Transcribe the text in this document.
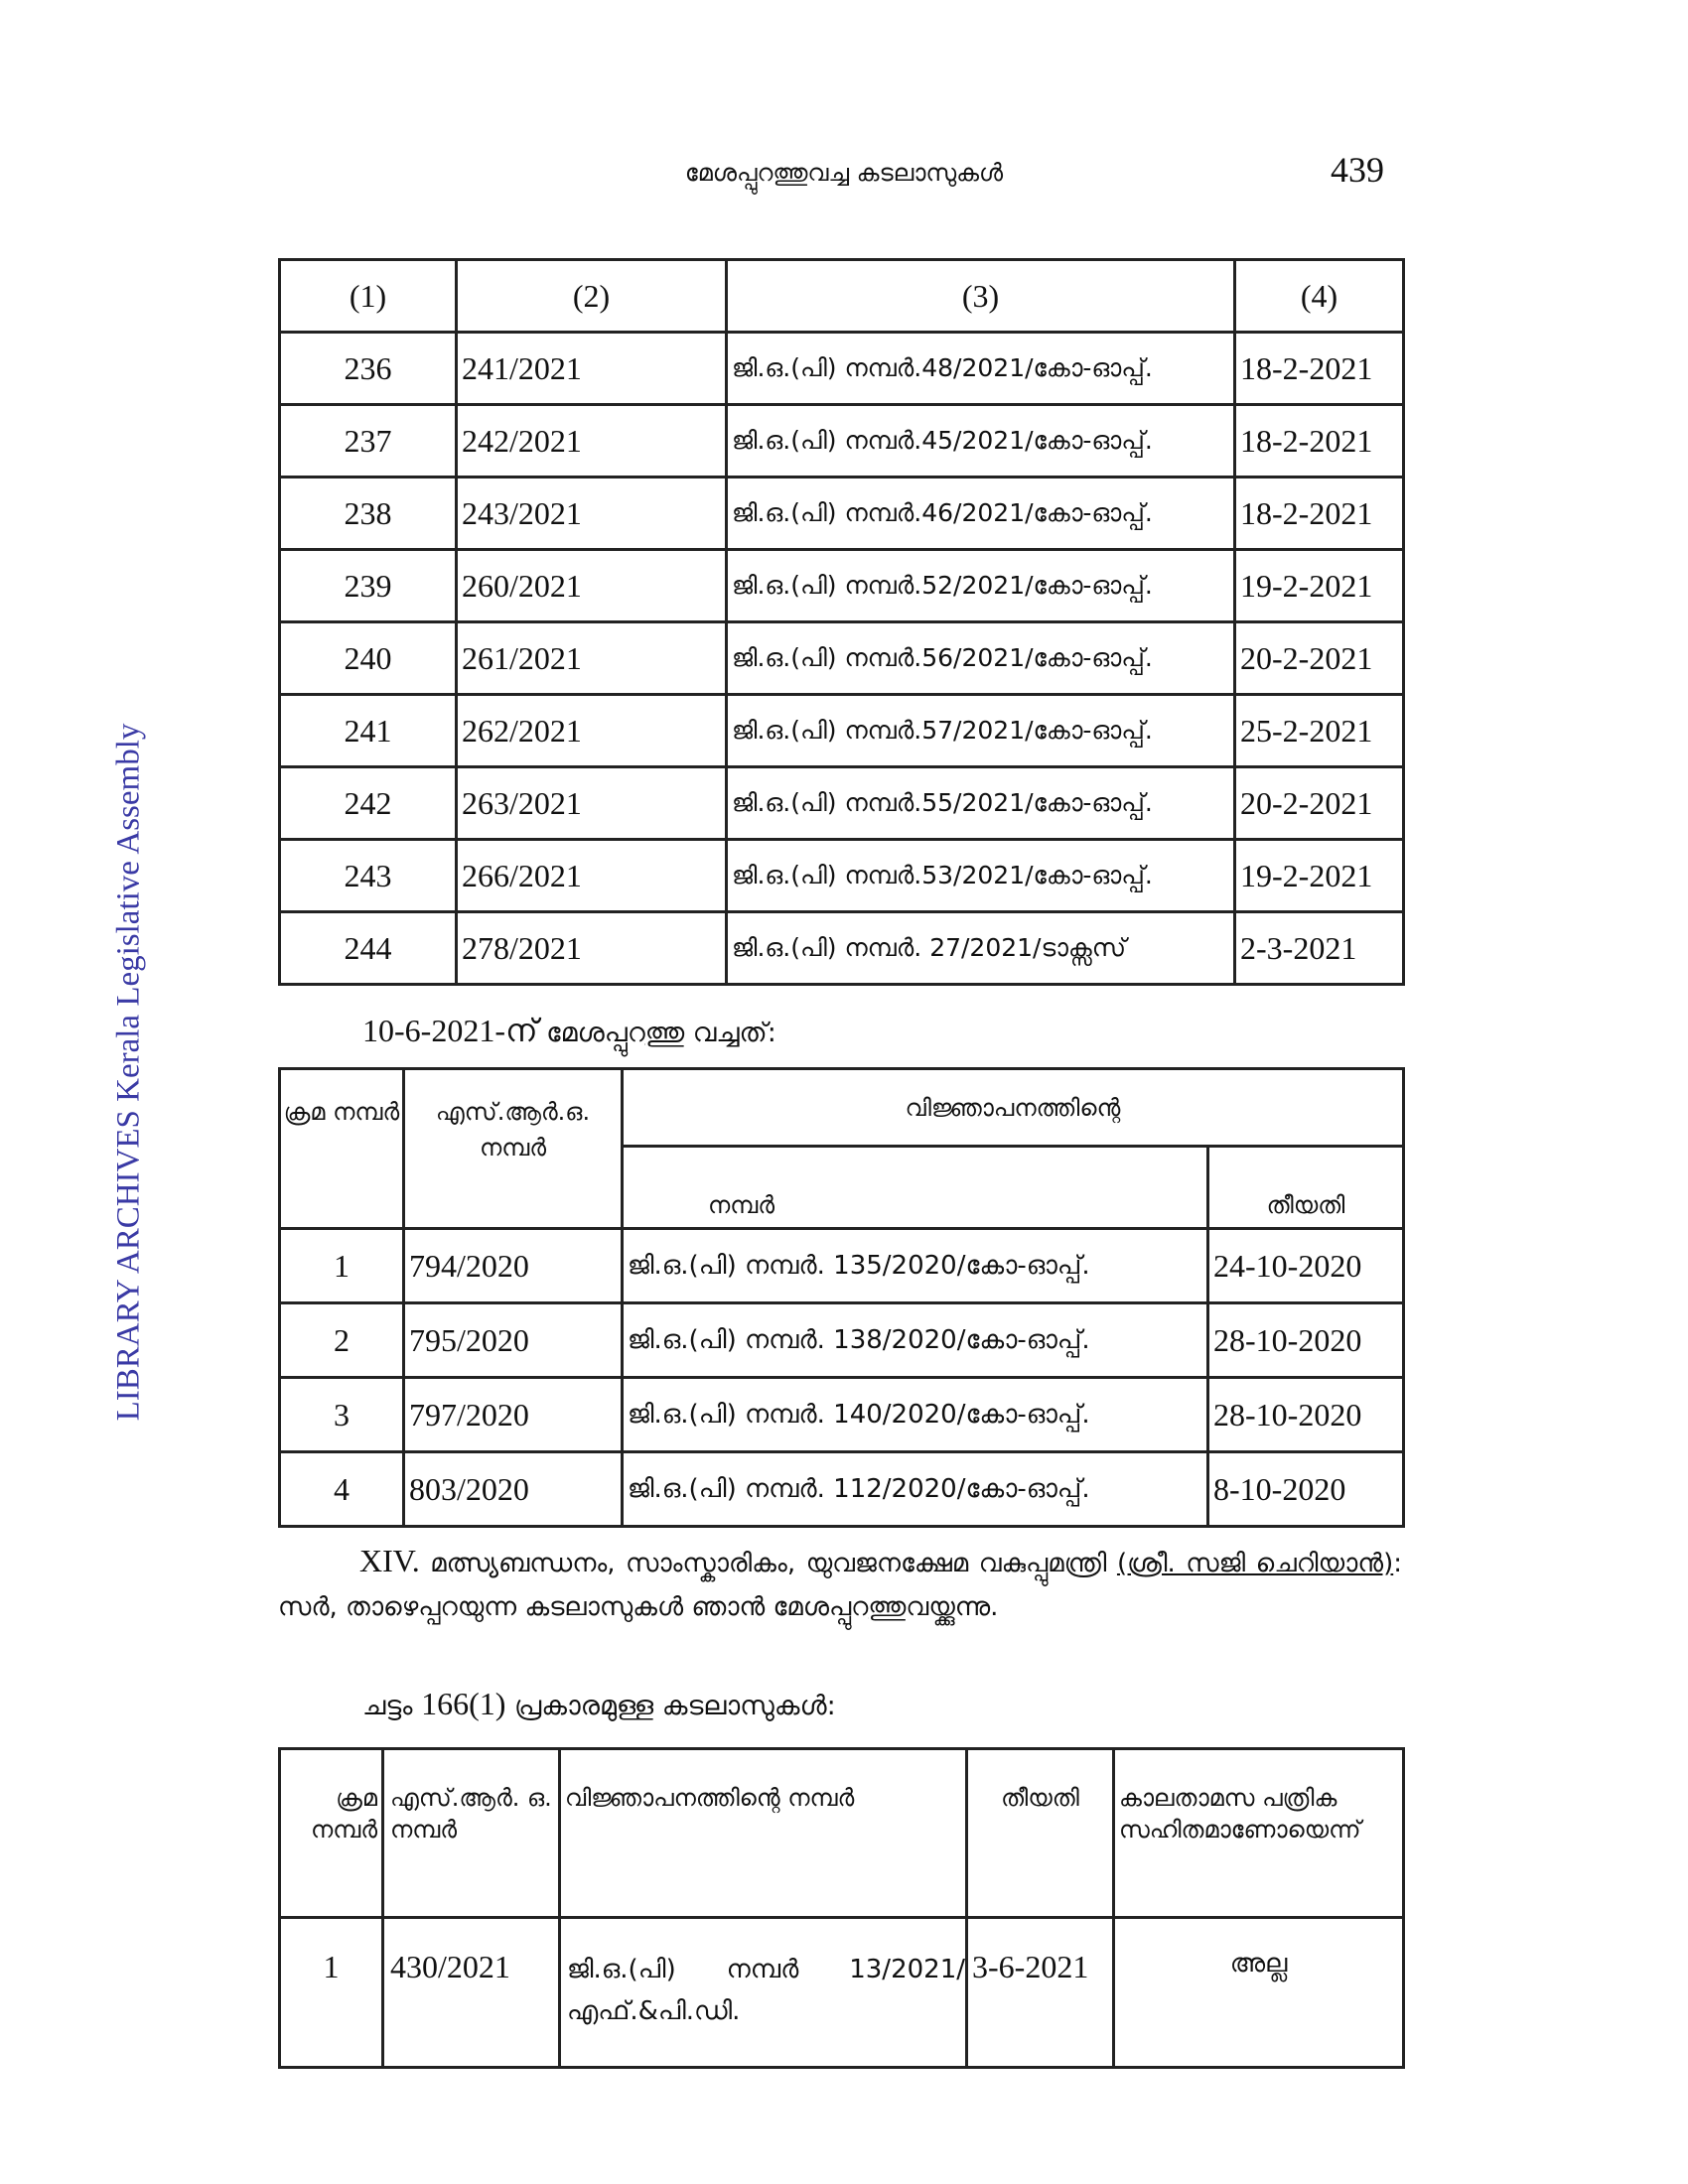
മേശപ്പുറത്തുവച്ച കടലാസുകൾ	439
LIBRARY ARCHIVES Kerala Legislative Assembly
(1)	(2)	(3)	(4)
236	241/2021	ജി.ഒ.(പി) നമ്പർ.48/2021/കോ-ഓപ്പ്.	18-2-2021
237	242/2021	ജി.ഒ.(പി) നമ്പർ.45/2021/കോ-ഓപ്പ്.	18-2-2021
238	243/2021	ജി.ഒ.(പി) നമ്പർ.46/2021/കോ-ഓപ്പ്.	18-2-2021
239	260/2021	ജി.ഒ.(പി) നമ്പർ.52/2021/കോ-ഓപ്പ്.	19-2-2021
240	261/2021	ജി.ഒ.(പി) നമ്പർ.56/2021/കോ-ഓപ്പ്.	20-2-2021
241	262/2021	ജി.ഒ.(പി) നമ്പർ.57/2021/കോ-ഓപ്പ്.	25-2-2021
242	263/2021	ജി.ഒ.(പി) നമ്പർ.55/2021/കോ-ഓപ്പ്.	20-2-2021
243	266/2021	ജി.ഒ.(പി) നമ്പർ.53/2021/കോ-ഓപ്പ്.	19-2-2021
244	278/2021	ജി.ഒ.(പി) നമ്പർ. 27/2021/ടാക്സസ്	2-3-2021
10-6-2021-ന് മേശപ്പുറത്തു വച്ചത്:
ക്രമ നമ്പർ	എസ്.ആർ.ഒ. നമ്പർ	വിജ്ഞാപനത്തിന്റെ	
		നമ്പർ	തീയതി
1	794/2020	ജി.ഒ.(പി) നമ്പർ. 135/2020/കോ-ഓപ്പ്.	24-10-2020
2	795/2020	ജി.ഒ.(പി) നമ്പർ. 138/2020/കോ-ഓപ്പ്.	28-10-2020
3	797/2020	ജി.ഒ.(പി) നമ്പർ. 140/2020/കോ-ഓപ്പ്.	28-10-2020
4	803/2020	ജി.ഒ.(പി) നമ്പർ. 112/2020/കോ-ഓപ്പ്.	8-10-2020
XIV. മത്സ്യബന്ധനം, സാംസ്കാരികം, യുവജനക്ഷേമ വകുപ്പുമന്ത്രി (ശ്രീ. സജി ചെറിയാൻ): സർ, താഴെപ്പറയുന്ന കടലാസുകൾ ഞാൻ മേശപ്പുറത്തുവയ്ക്കുന്നു.
ചട്ടം 166(1) പ്രകാരമുള്ള കടലാസുകൾ:
ക്രമ നമ്പർ	എസ്.ആർ. ഒ. നമ്പർ	വിജ്ഞാപനത്തിന്റെ നമ്പർ	തീയതി	കാലതാമസ പത്രിക സഹിതമാണോയെന്ന്
1	430/2021	ജി.ഒ.(പി) നമ്പർ 13/2021/ എഫ്.&പി.ഡി.	3-6-2021	അല്ല
